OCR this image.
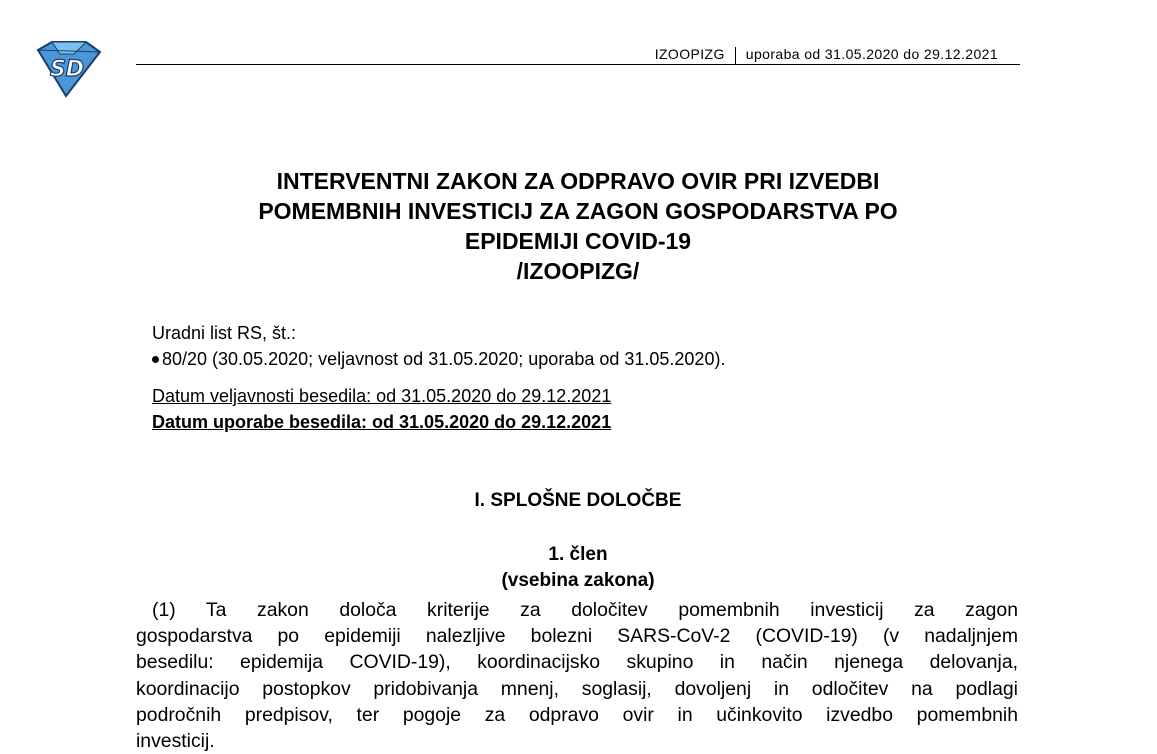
SD
IZOOPIZG uporaba od 31.05.2020 do 29.12.2021
INTERVENTNI ZAKON ZA ODPRAVO OVIR PRI IZVEDBI
POMEMBNIH INVESTICIJ ZA ZAGON GOSPODARSTVA PO
EPIDEMIJI COVID-19
/IZOOPIZG/
Uradni list RS, št.:
80/20 (30.05.2020; veljavnost od 31.05.2020; uporaba od 31.05.2020).
Datum veljavnosti besedila: od 31.05.2020 do 29.12.2021
Datum uporabe besedila: od 31.05.2020 do 29.12.2021
I. SPLOŠNE DOLOČBE
1. člen
(vsebina zakona)
(1) Ta zakon določa kriterije za določitev pomembnih investicij za zagon
gospodarstva po epidemiji nalezljive bolezni SARS-CoV-2 (COVID-19) (v nadaljnjem
besedilu: epidemija COVID-19), koordinacijsko skupino in način njenega delovanja,
koordinacijo postopkov pridobivanja mnenj, soglasij, dovoljenj in odločitev na podlagi
področnih predpisov, ter pogoje za odpravo ovir in učinkovito izvedbo pomembnih
investicij.
